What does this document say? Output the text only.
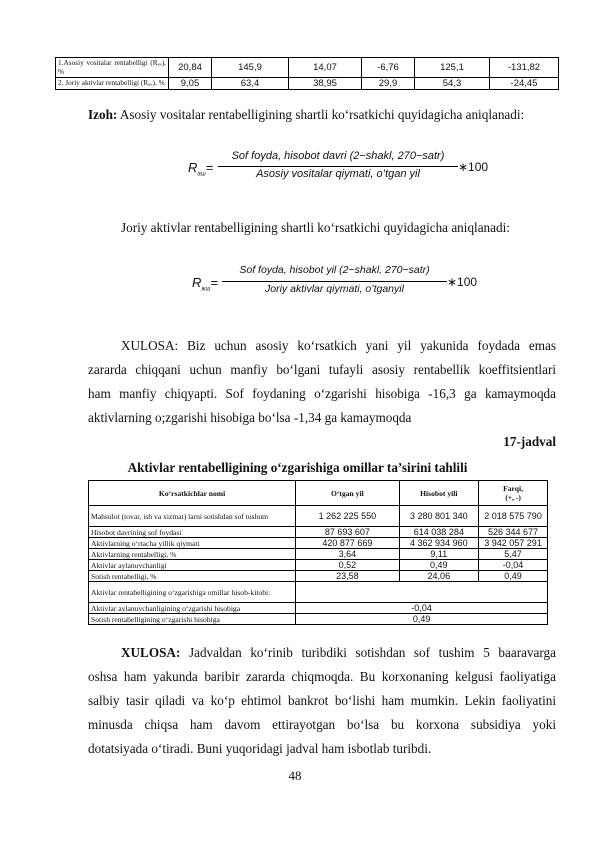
1.Asosiy vositalar rentabelligi (Rₐᵥ), %	20,84	145,9	14,07	-6,76	125,1	-131,82
2. Joriy aktivlar rentabelligi (Rₐᵤ), %	9,05	63,4	38,95	29,9	54,3	-24,45
Izoh: Asosiy vositalar rentabelligining shartli ko‘rsatkichi quyidagicha aniqlanadi:
$R_{aш}=$
Sof foyda, hisobot davri (2−shakl, 270−satr)
Asosiy vositalar qiymati, o’tgan yil	∗100
Joriy aktivlar rentabelligining shartli ko‘rsatkichi quyidagicha aniqlanadi:
$R_{жш}=$
Sof foyda, hisobot yil (2−shakl, 270−satr)
Joriy aktivlar qiymati, o’tganyil	∗100
XULOSA: Biz uchun asosiy ko‘rsatkich yani yil yakunida foydada emas
zararda chiqqani uchun manfiy bo‘lgani tufayli asosiy rentabellik koeffitsientlari
ham manfiy chiqyapti. Sof foydaning o‘zgarishi hisobiga -16,3 ga kamaymoqda
aktivlarning o;zgarishi hisobiga bo‘lsa -1,34 ga kamaymoqda
17-jadval
Aktivlar rentabelligining o‘zgarishiga omillar ta’sirini tahlili
Ko‘rsatkichlar nomi	O‘tgan yil	Hisobot yili	Farqi, (+, -)
Mahsulot (tovar, ish va xizmat) larni sotishdan sof tushum	1 262 225 550	3 280 801 340	2 018 575 790
Hisobot davrining sof foydasi	87 693 607	614 038 284	526 344 677
Aktivlarning o‘rtacha yillik qiymati	420 877 669	4 362 934 960	3 942 057 291
Aktivlarning rentabelligi, %	3,64	9,11	5,47
Aktivlar aylanuvchanligi	0,52	0,49	-0,04
Sotish rentabelligi, %	23,58	24,06	0,49
Aktivlar rentabelligining o‘zgarishiga omillar hisob-kitobi:			
Aktivlar aylanuvchanligining o‘zgarishi hisobiga	-0,04		
Sotish rentabelligining o‘zgarishi hisobiga	0,49		
XULOSA: Jadvaldan ko‘rinib turibdiki sotishdan sof tushim 5 baaravarga
oshsa ham yakunda baribir zararda chiqmoqda. Bu korxonaning kelgusi faoliyatiga
salbiy tasir qiladi va ko‘p ehtimol bankrot bo‘lishi ham mumkin. Lekin faoliyatini
minusda chiqsa ham davom ettirayotgan bo‘lsa bu korxona subsidiya yoki
dotatsiyada o‘tiradi. Buni yuqoridagi jadval ham isbotlab turibdi.
48
